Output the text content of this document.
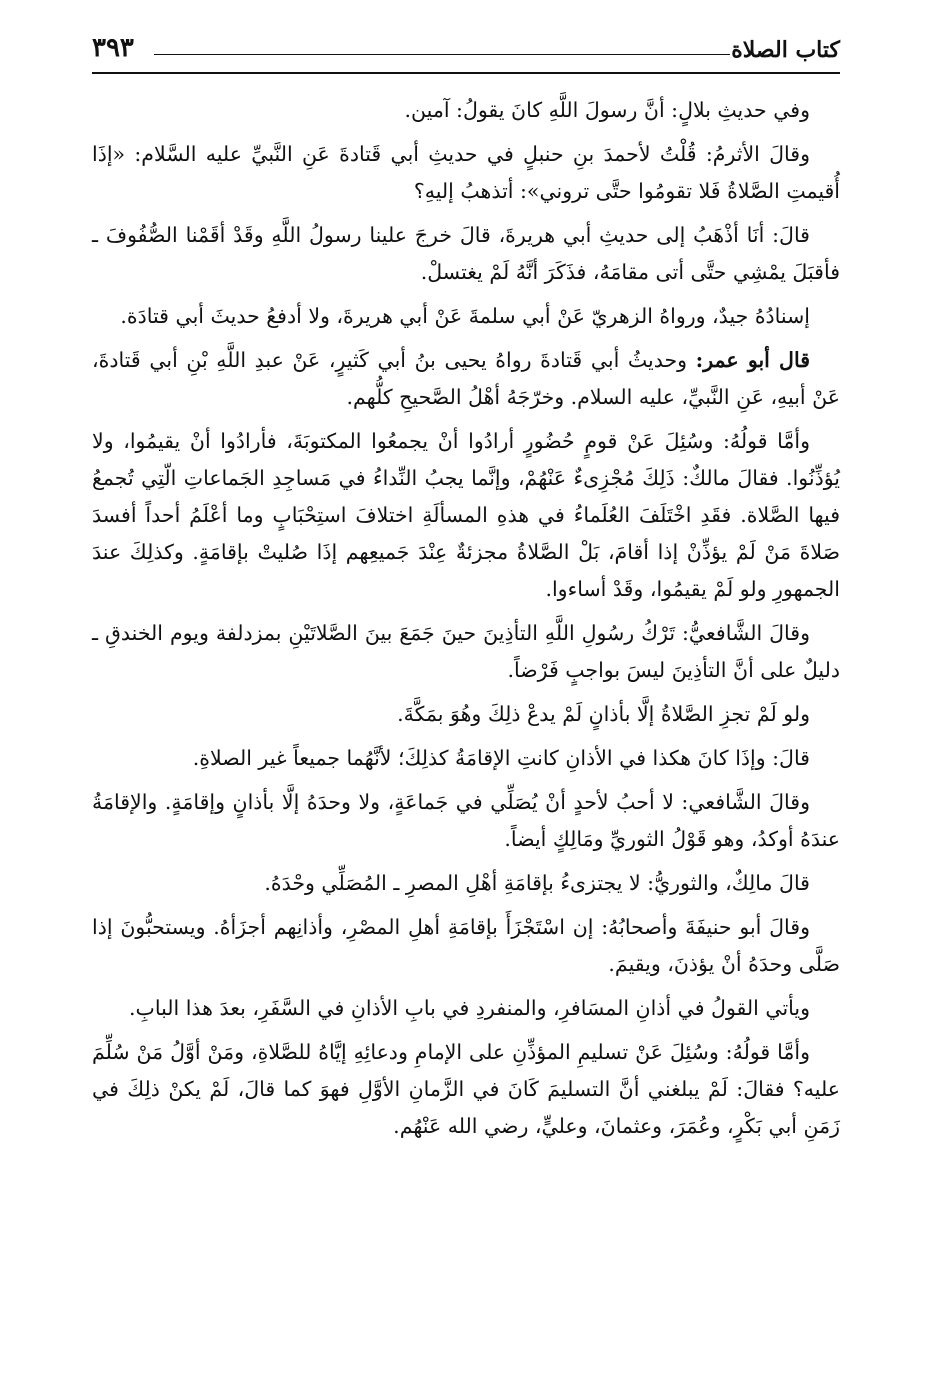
كتاب الصلاة
٣٩٣

وفي حديثِ بلالٍ: أنَّ رسولَ اللَّهِ كانَ يقولُ: آمين.

وقالَ الأثرمُ: قُلْتُ لأحمدَ بنِ حنبلٍ في حديثِ أبي قَتادةَ عَنِ النَّبيِّ عليه السَّلام: «إذَا أُقيمتِ الصَّلاةُ فَلا تقومُوا حتَّى تروني»: أتذهبُ إليهِ؟

قالَ: أنَا أذْهَبُ إلى حديثِ أبي هريرةَ، قالَ خرجَ علينا رسولُ اللَّهِ وقَدْ أقَمْنا الصُّفُوفَ ـ فأقبَلَ يمْشِي حتَّى أتى مقامَهُ، فذَكَرَ أنَّهُ لَمْ يغتسلْ.

إسنادُهُ جيدٌ، ورواهُ الزهريّ عَنْ أبي سلمةَ عَنْ أبي هريرةَ، ولا أدفعُ حديثَ أبي قتادَة.

قال أبو عمر: وحديثُ أبي قَتادةَ رواهُ يحيى بنُ أبي كَثيرٍ، عَنْ عبدِ اللَّهِ بْنِ أبي قَتادةَ، عَنْ أبيهِ، عَنِ النَّبيِّ، عليه السلام. وخرّجَهُ أهْلُ الصَّحيحِ كلُّهم.

وأمَّا قولُهُ: وسُئِلَ عَنْ قومٍ حُضُورٍ أرادُوا أنْ يجمعُوا المكتوبَةَ، فأرادُوا أنْ يقيمُوا، ولا يُؤذِّنُوا. فقالَ مالكٌ: ذَلِكَ مُجْزِىءٌ عَنْهُمْ، وإنَّما يجبُ النِّداءُ في مَساجِدِ الجَماعاتِ الّتِي تُجمعُ فيها الصَّلاة. فقَدِ اخْتَلَفَ العُلَماءُ في هذهِ المسألَةِ اختلافَ استِحْبَابٍ وما أعْلَمُ أحداً أفسدَ صَلاةَ مَنْ لَمْ يؤذِّنْ إذا أقامَ، بَلْ الصَّلاةُ مجزئةٌ عِنْدَ جَميعِهم إذَا صُليتْ بإقامَةٍ. وكذلِكَ عندَ الجمهورِ ولو لَمْ يقيمُوا، وقَدْ أساءوا.

وقالَ الشَّافعيُّ: تَرْكُ رسُولِ اللَّهِ التأذِينَ حينَ جَمَعَ بينَ الصَّلاتَيْنِ بمزدلفة ويوم الخندقِ ـ دليلٌ على أنَّ التأذِينَ ليسَ بواجبٍ فَرْضاً.

ولو لَمْ تجزِ الصَّلاةُ إلَّا بأذانٍ لَمْ يدعْ ذلِكَ وهُوَ بمَكَّةَ.

قالَ: وإذَا كانَ هكذا في الأذانِ كانتِ الإقامَةُ كذلِكَ؛ لأنَّهُما جميعاً غير الصلاةِ.

وقالَ الشَّافعي: لا أحبُ لأحدٍ أنْ يُصَلِّي في جَماعَةٍ، ولا وحدَهُ إلَّا بأذانٍ وإقامَةٍ. والإقامَةُ عندَهُ أوكدُ، وهو قَوْلُ الثوريِّ ومَالِكٍ أيضاً.

قالَ مالِكٌ، والثوريُّ: لا يجتزىءُ بإقامَةِ أهْلِ المصرِ ـ المُصَلِّي وحْدَهُ.

وقالَ أبو حنيفَةَ وأصحابُهُ: إن اسْتَجْزَأَ بإقامَةِ أهلِ المصْرِ، وأذانِهم أجزَأهُ. ويستحبُّونَ إذا صَلَّى وحدَهُ أنْ يؤذنَ، ويقيمَ.

ويأتي القولُ في أذانِ المسَافرِ، والمنفردِ في بابِ الأذانِ في السَّفَرِ، بعدَ هذا البابِ.

وأمَّا قولُهُ: وسُئِلَ عَنْ تسليمِ المؤذِّنِ على الإمامِ ودعائِهِ إيَّاهُ للصَّلاةِ، ومَنْ أوَّلُ مَنْ سُلِّمَ عليه؟ فقالَ: لَمْ يبلغني أنَّ التسليمَ كَانَ في الزَّمانِ الأوَّلِ فهوَ كما قالَ، لَمْ يكنْ ذلِكَ في زَمَنِ أبي بَكْرٍ، وعُمَرَ، وعثمانَ، وعليٍّ، رضي الله عَنْهُم.
